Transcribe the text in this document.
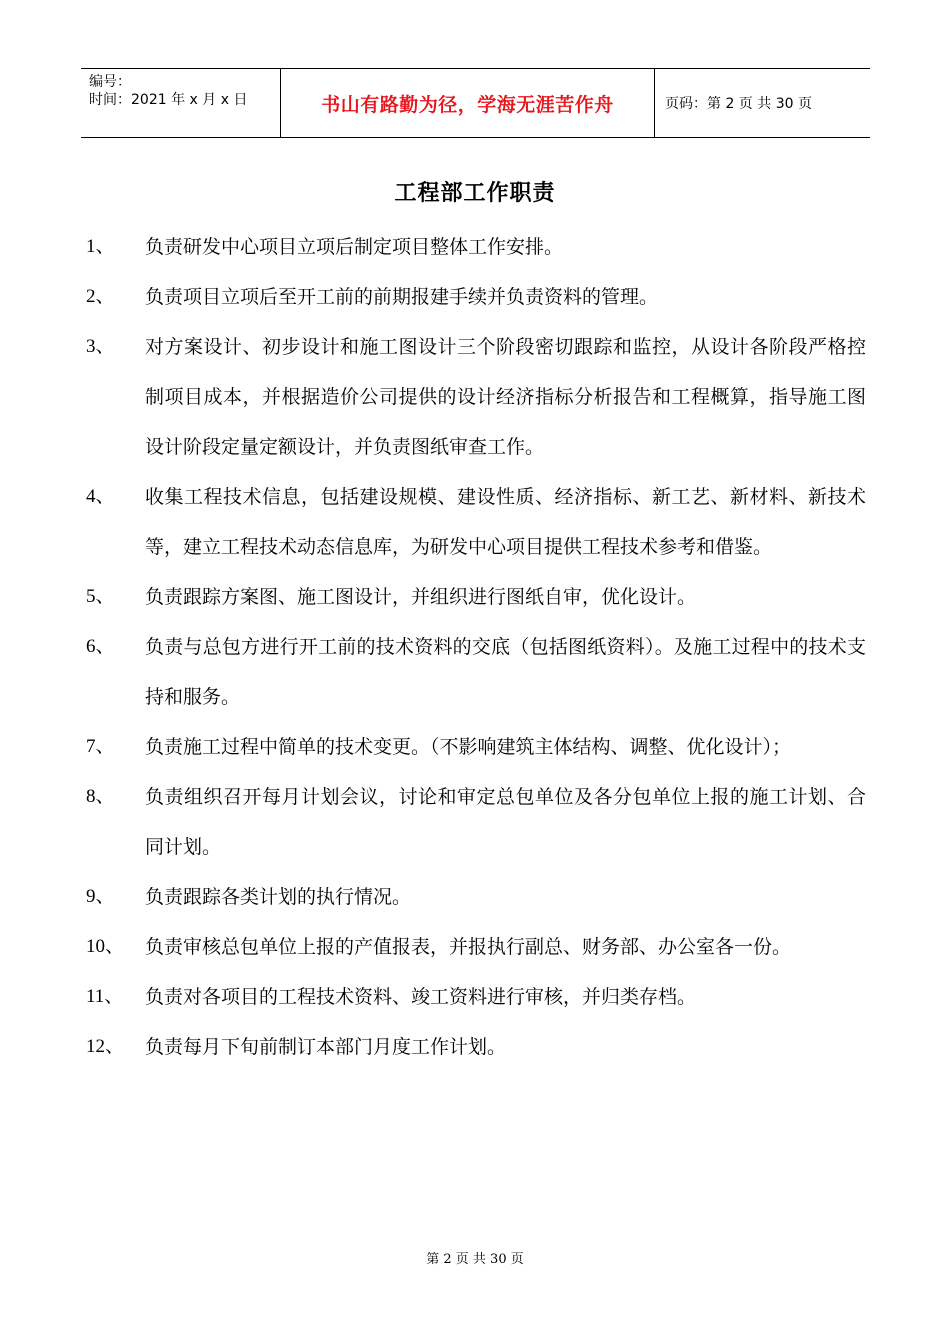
编号：
时间：2021 年 x 月 x 日	书山有路勤为径，学海无涯苦作舟	页码：第 2 页 共 30 页
工程部工作职责
1、	负责研发中心项目立项后制定项目整体工作安排。
2、	负责项目立项后至开工前的前期报建手续并负责资料的管理。
3、	对方案设计、初步设计和施工图设计三个阶段密切跟踪和监控，从设计各阶段严格控制项目成本，并根据造价公司提供的设计经济指标分析报告和工程概算，指导施工图设计阶段定量定额设计，并负责图纸审查工作。
4、	收集工程技术信息，包括建设规模、建设性质、经济指标、新工艺、新材料、新技术等，建立工程技术动态信息库，为研发中心项目提供工程技术参考和借鉴。
5、	负责跟踪方案图、施工图设计，并组织进行图纸自审，优化设计。
6、	负责与总包方进行开工前的技术资料的交底（包括图纸资料）。及施工过程中的技术支持和服务。
7、	负责施工过程中简单的技术变更。（不影响建筑主体结构、调整、优化设计）；
8、	负责组织召开每月计划会议，讨论和审定总包单位及各分包单位上报的施工计划、合同计划。
9、	负责跟踪各类计划的执行情况。
10、	负责审核总包单位上报的产值报表，并报执行副总、财务部、办公室各一份。
11、	负责对各项目的工程技术资料、竣工资料进行审核，并归类存档。
12、	负责每月下旬前制订本部门月度工作计划。
第 2 页 共 30 页
